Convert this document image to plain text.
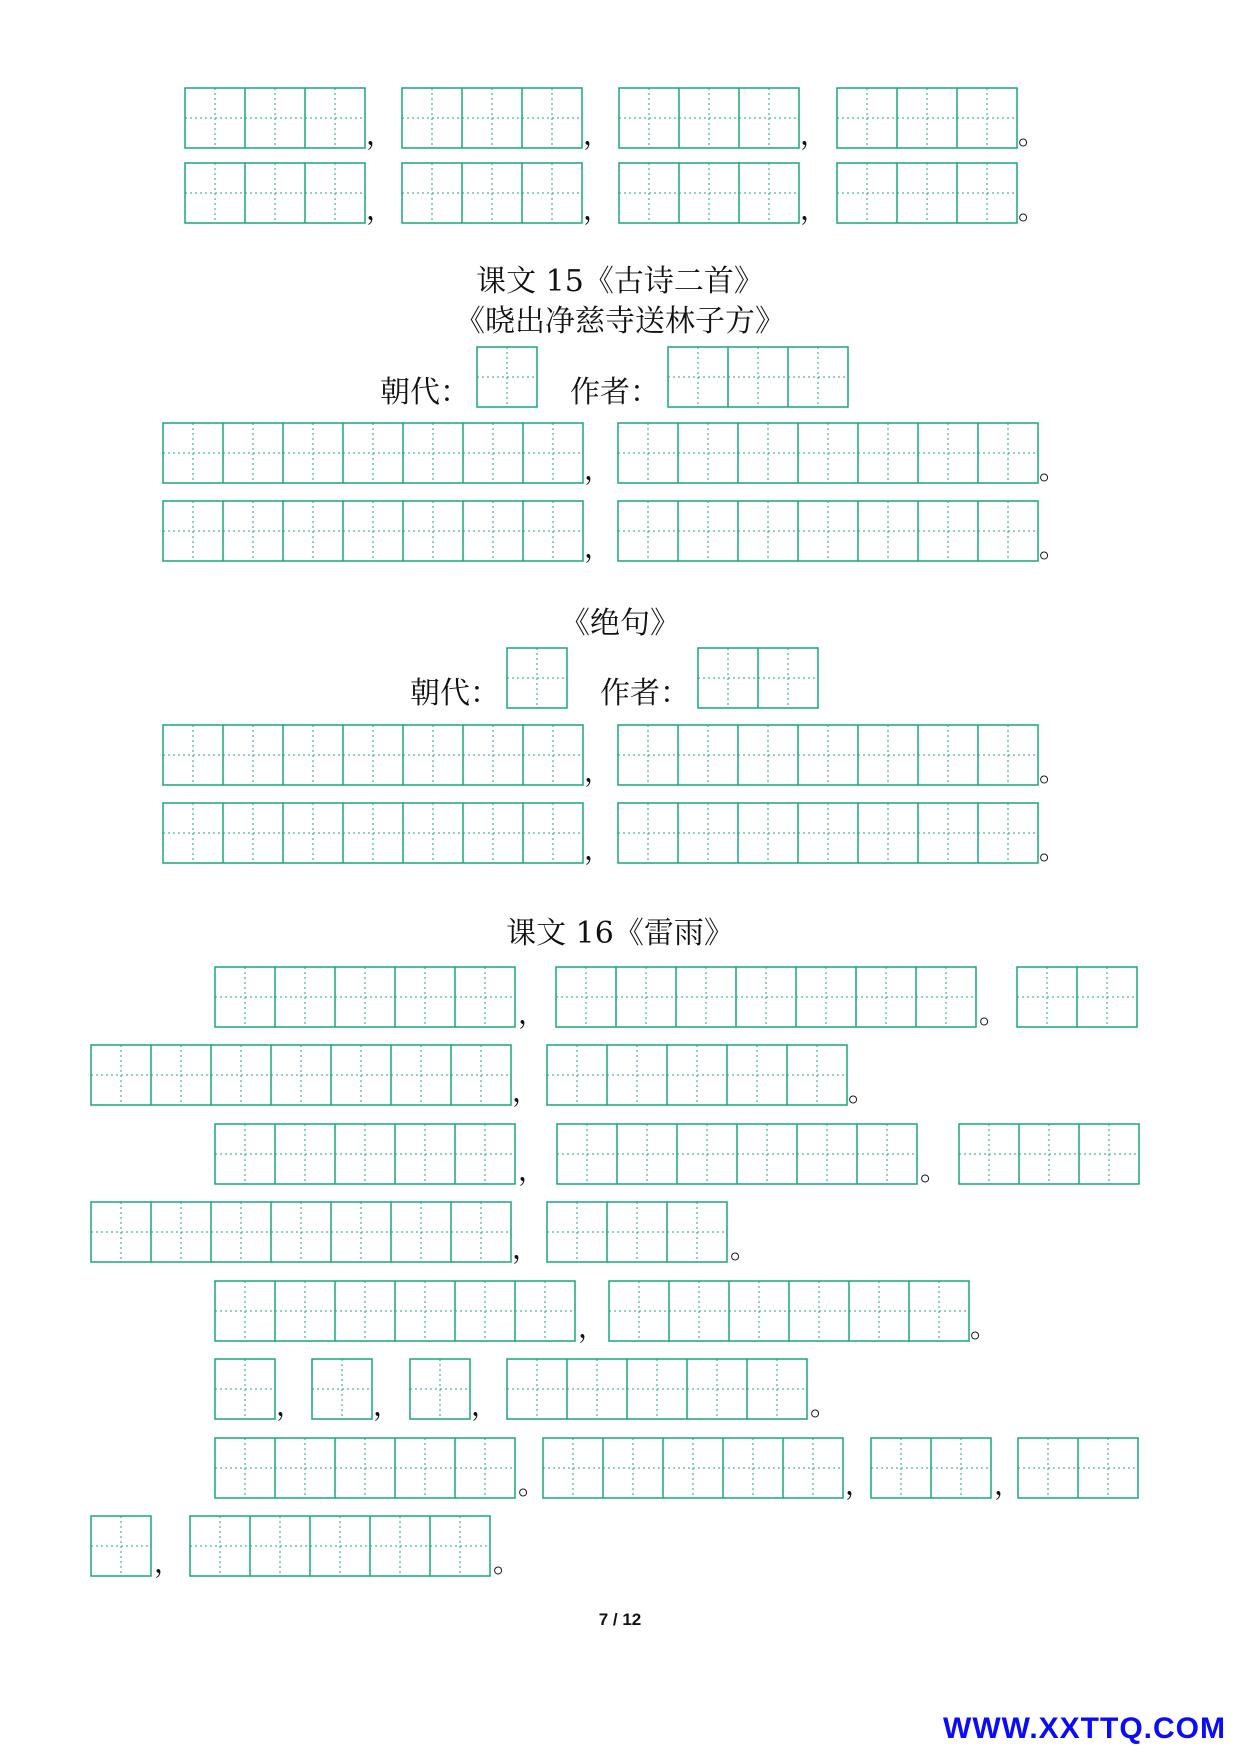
课文 15《古诗二首》
《晓出净慈寺送林子方》
《绝句》
课文 16《雷雨》
朝代：	作者：
朝代：	作者：
7 / 12
WWW.XXTTQ.COM
，	，	，	。
，	，	，	。
，	。
，	。
，	。
，	。
，	。
，	。
，	。
，	。
，	。
， ， ，	。
。	，	，
，	。
